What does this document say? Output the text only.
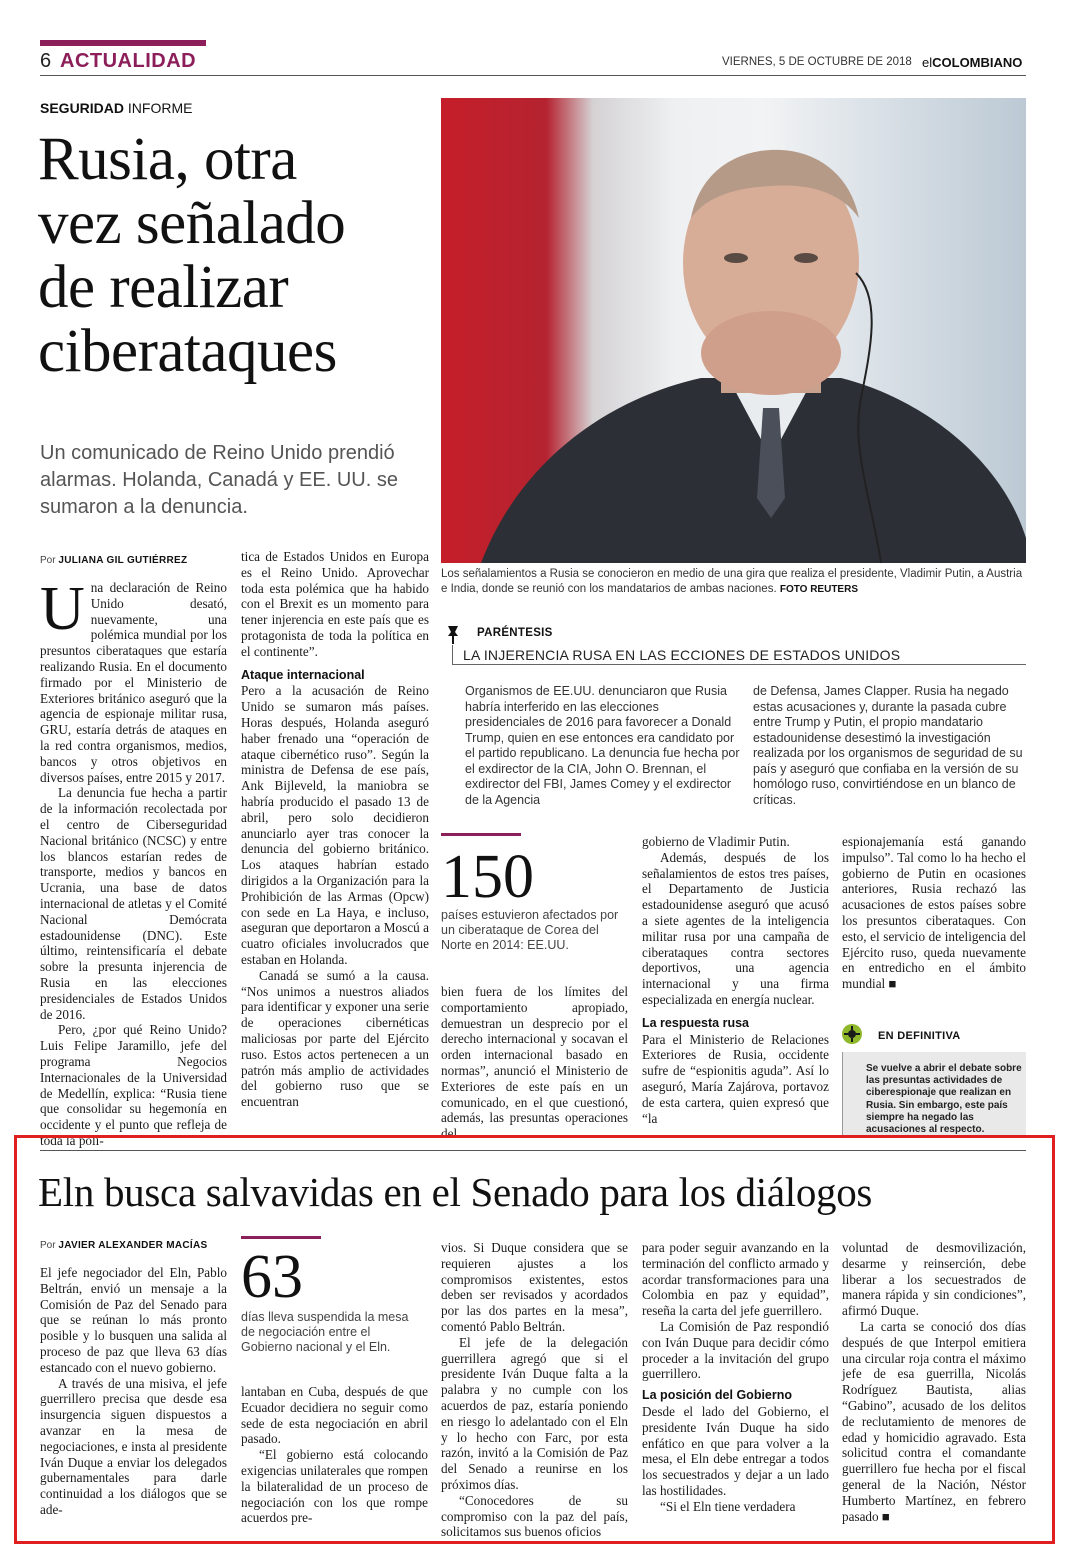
6 ACTUALIDAD	VIERNES, 5 DE OCTUBRE DE 2018 elCOLOMBIANO
SEGURIDAD INFORME
Rusia, otra
vez señalado
de realizar
ciberataques
Un comunicado de Reino Unido prendió alarmas. Holanda, Canadá y EE. UU. se sumaron a la denuncia.
Por JULIANA GIL GUTIÉRREZ

Una declaración de Reino Unido desató, nuevamente, una polémica mundial por los presuntos ciberataques que estaría realizando Rusia. En el documento firmado por el Ministerio de Exteriores británico aseguró que la agencia de espionaje militar rusa, GRU, estaría detrás de ataques en la red contra organismos, medios, bancos y otros objetivos en diversos países, entre 2015 y 2017.

La denuncia fue hecha a partir de la información recolectada por el centro de Ciberseguridad Nacional británico (NCSC) y entre los blancos estarían redes de transporte, medios y bancos en Ucrania, una base de datos internacional de atletas y el Comité Nacional Demócrata estadounidense (DNC). Este último, reintensificaría el debate sobre la presunta injerencia de Rusia en las elecciones presidenciales de Estados Unidos de 2016.

Pero, ¿por qué Reino Unido? Luis Felipe Jaramillo, jefe del programa Negocios Internacionales de la Universidad de Medellín, explica: “Rusia tiene que consolidar su hegemonía en occidente y el punto que refleja de toda la polí-

tica de Estados Unidos en Europa es el Reino Unido. Aprovechar toda esta polémica que ha habido con el Brexit es un momento para tener injerencia en este país que es protagonista de toda la política en el continente”.

Ataque internacional

Pero a la acusación de Reino Unido se sumaron más países. Horas después, Holanda aseguró haber frenado una “operación de ataque cibernético ruso”. Según la ministra de Defensa de ese país, Ank Bijleveld, la maniobra se habría producido el pasado 13 de abril, pero solo decidieron anunciarlo ayer tras conocer la denuncia del gobierno británico. Los ataques habrían estado dirigidos a la Organización para la Prohibición de las Armas (Opcw) con sede en La Haya, e incluso, aseguran que deportaron a Moscú a cuatro oficiales involucrados que estaban en Holanda.

Canadá se sumó a la causa. “Nos unimos a nuestros aliados para identificar y exponer una serie de operaciones cibernéticas maliciosas por parte del Ejército ruso. Estos actos pertenecen a un patrón más amplio de actividades del gobierno ruso que se encuentran

Los señalamientos a Rusia se conocieron en medio de una gira que realiza el presidente, Vladimir Putin, a Austria e India, donde se reunió con los mandatarios de ambas naciones. FOTO REUTERS
PARÉNTESIS
LA INJERENCIA RUSA EN LAS ECCIONES DE ESTADOS UNIDOS
Organismos de EE.UU. denunciaron que Rusia habría interferido en las elecciones presidenciales de 2016 para favorecer a Donald Trump, quien en ese entonces era candidato por el partido republicano. La denuncia fue hecha por el exdirector de la CIA, John O. Brennan, el exdirector del FBI, James Comey y el exdirector de la Agencia
de Defensa, James Clapper. Rusia ha negado estas acusaciones y, durante la pasada cubre entre Trump y Putin, el propio mandatario estadounidense desestimó la investigación realizada por los organismos de seguridad de su país y aseguró que confiaba en la versión de su homólogo ruso, convirtiéndose en un blanco de críticas.
150
países estuvieron afectados por un ciberataque de Corea del Norte en 2014: EE.UU.

bien fuera de los límites del comportamiento apropiado, demuestran un desprecio por el derecho internacional y socavan el orden internacional basado en normas”, anunció el Ministerio de Exteriores de este país en un comunicado, en el que cuestionó, además, las presuntas operaciones del

gobierno de Vladimir Putin.

Además, después de los señalamientos de estos tres países, el Departamento de Justicia estadounidense aseguró que acusó a siete agentes de la inteligencia militar rusa por una campaña de ciberataques contra sectores deportivos, una agencia internacional y una firma especializada en energía nuclear.

La respuesta rusa

Para el Ministerio de Relaciones Exteriores de Rusia, occidente sufre de “espionitis aguda”. Así lo aseguró, María Zajárova, portavoz de esta cartera, quien expresó que “la

espionajemanía está ganando impulso”. Tal como lo ha hecho el gobierno de Putin en ocasiones anteriores, Rusia rechazó las acusaciones de estos países sobre los presuntos ciberataques. Con esto, el servicio de inteligencia del Ejército ruso, queda nuevamente en entredicho en el ámbito mundial ■

EN DEFINITIVA
Se vuelve a abrir el debate sobre las presuntas actividades de ciberespionaje que realizan en Rusia. Sin embargo, este país siempre ha negado las acusaciones al respecto.
Eln busca salvavidas en el Senado para los diálogos
Por JAVIER ALEXANDER MACÍAS

El jefe negociador del Eln, Pablo Beltrán, envió un mensaje a la Comisión de Paz del Senado para que se reúnan lo más pronto posible y lo busquen una salida al proceso de paz que lleva 63 días estancado con el nuevo gobierno.

A través de una misiva, el jefe guerrillero precisa que desde esa insurgencia siguen dispuestos a avanzar en la mesa de negociaciones, e insta al presidente Iván Duque a enviar los delegados gubernamentales para darle continuidad a los diálogos que se ade-

63
días lleva suspendida la mesa de negociación entre el Gobierno nacional y el Eln.

lantaban en Cuba, después de que Ecuador decidiera no seguir como sede de esta negociación en abril pasado.

“El gobierno está colocando exigencias unilaterales que rompen la bilateralidad de un proceso de negociación con los que rompe acuerdos pre-

vios. Si Duque considera que se requieren ajustes a los compromisos existentes, estos deben ser revisados y acordados por las dos partes en la mesa”, comentó Pablo Beltrán.

El jefe de la delegación guerrillera agregó que si el presidente Iván Duque falta a la palabra y no cumple con los acuerdos de paz, estaría poniendo en riesgo lo adelantado con el Eln y lo hecho con Farc, por esta razón, invitó a la Comisión de Paz del Senado a reunirse en los próximos días.

“Conocedores de su compromiso con la paz del país, solicitamos sus buenos oficios

para poder seguir avanzando en la terminación del conflicto armado y acordar transformaciones para una Colombia en paz y equidad”, reseña la carta del jefe guerrillero.

La Comisión de Paz respondió con Iván Duque para decidir cómo proceder a la invitación del grupo guerrillero.

La posición del Gobierno

Desde el lado del Gobierno, el presidente Iván Duque ha sido enfático en que para volver a la mesa, el Eln debe entregar a todos los secuestrados y dejar a un lado las hostilidades.

“Si el Eln tiene verdadera

voluntad de desmovilización, desarme y reinserción, debe liberar a los secuestrados de manera rápida y sin condiciones”, afirmó Duque.

La carta se conoció dos días después de que Interpol emitiera una circular roja contra el máximo jefe de esa guerrilla, Nicolás Rodríguez Bautista, alias “Gabino”, acusado de los delitos de reclutamiento de menores de edad y homicidio agravado. Esta solicitud contra el comandante guerrillero fue hecha por el fiscal general de la Nación, Néstor Humberto Martínez, en febrero pasado ■
